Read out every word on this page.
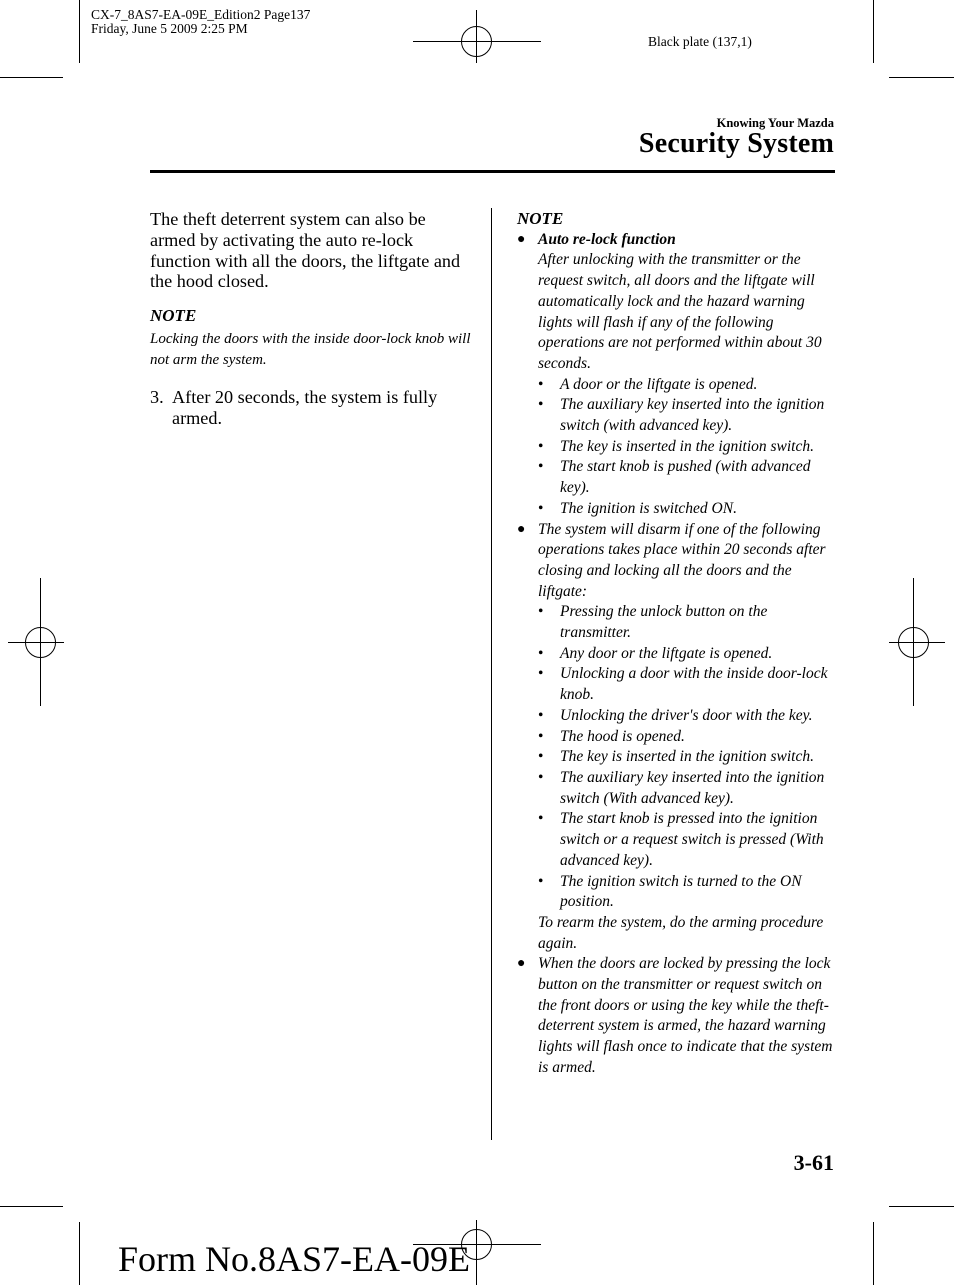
CX-7_8AS7-EA-09E_Edition2 Page137
Friday, June 5 2009 2:25 PM
Black plate (137,1)
Knowing Your Mazda
Security System

The theft deterrent system can also be armed by activating the auto re-lock function with all the doors, the liftgate and the hood closed.

NOTE

Locking the doors with the inside door-lock knob will not arm the system.

3. After 20 seconds, the system is fully armed.
NOTE
● Auto re-lock function
After unlocking with the transmitter or the request switch, all doors and the liftgate will automatically lock and the hazard warning lights will flash if any of the following operations are not performed within about 30 seconds.
• A door or the liftgate is opened.
• The auxiliary key inserted into the ignition switch (with advanced key).
• The key is inserted in the ignition switch.
• The start knob is pushed (with advanced key).
• The ignition is switched ON.
● The system will disarm if one of the following operations takes place within 20 seconds after closing and locking all the doors and the liftgate:
• Pressing the unlock button on the transmitter.
• Any door or the liftgate is opened.
• Unlocking a door with the inside door-lock knob.
• Unlocking the driver's door with the key.
• The hood is opened.
• The key is inserted in the ignition switch.
• The auxiliary key inserted into the ignition switch (With advanced key).
• The start knob is pressed into the ignition switch or a request switch is pressed (With advanced key).
• The ignition switch is turned to the ON position.
To rearm the system, do the arming procedure again.
● When the doors are locked by pressing the lock button on the transmitter or request switch on the front doors or using the key while the theft-deterrent system is armed, the hazard warning lights will flash once to indicate that the system is armed.
3-61
Form No.8AS7-EA-09E
